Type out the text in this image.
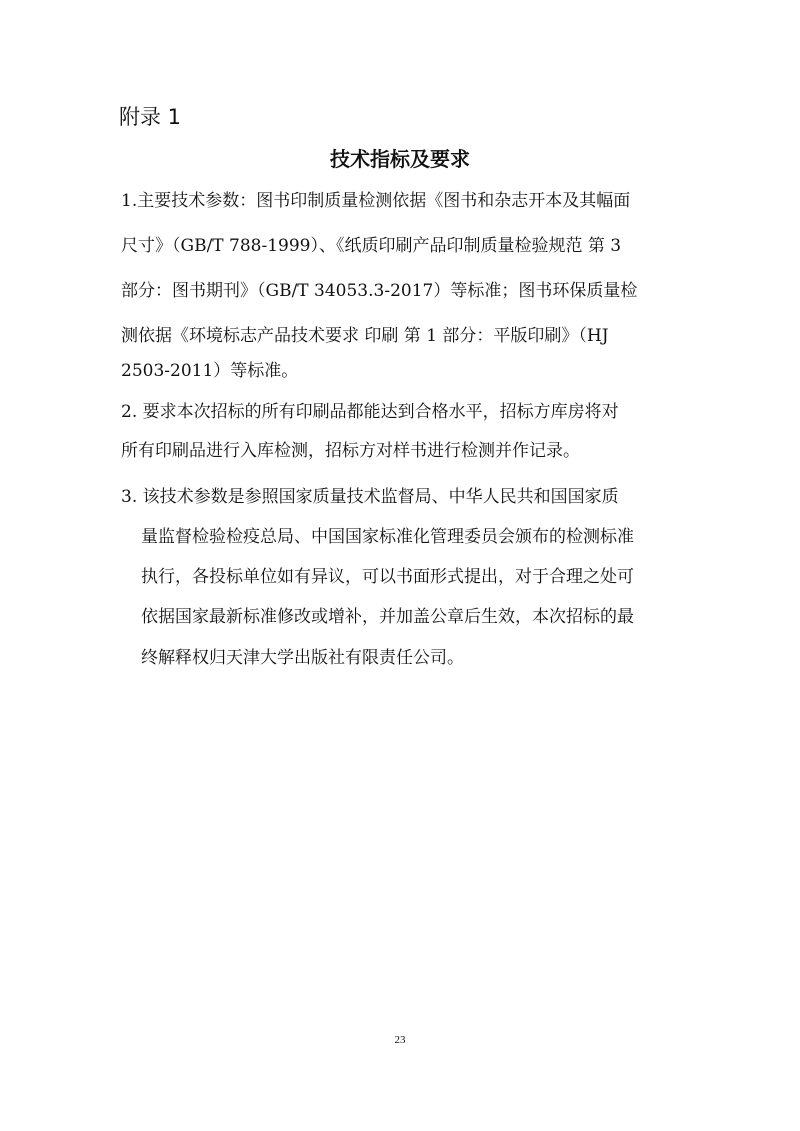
附录 1
技术指标及要求
1.主要技术参数：图书印制质量检测依据《图书和杂志开本及其幅面
尺寸》（GB/T 788-1999）、《纸质印刷产品印制质量检验规范 第 3
部分：图书期刊》（GB/T 34053.3-2017）等标准；图书环保质量检
测依据《环境标志产品技术要求 印刷 第 1 部分：平版印刷》（HJ
2503-2011）等标准。
2. 要求本次招标的所有印刷品都能达到合格水平，招标方库房将对
所有印刷品进行入库检测，招标方对样书进行检测并作记录。
3. 该技术参数是参照国家质量技术监督局、中华人民共和国国家质
量监督检验检疫总局、中国国家标准化管理委员会颁布的检测标准
执行，各投标单位如有异议，可以书面形式提出，对于合理之处可
依据国家最新标准修改或增补，并加盖公章后生效，本次招标的最
终解释权归天津大学出版社有限责任公司。
23
